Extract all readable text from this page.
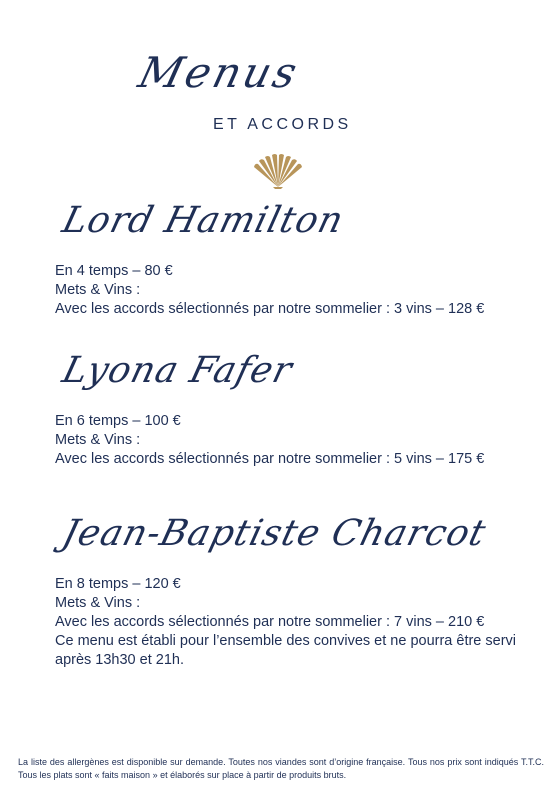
Menus
ET ACCORDS
Lord Hamilton
En 4 temps – 80 €
Mets & Vins :
Avec les accords sélectionnés par notre sommelier : 3 vins – 128 €
Lyona Fafer
En 6 temps – 100 €
Mets & Vins :
Avec les accords sélectionnés par notre sommelier : 5 vins – 175 €
Jean-Baptiste Charcot
En 8 temps – 120 €
Mets & Vins :
Avec les accords sélectionnés par notre sommelier : 7 vins – 210 €
Ce menu est établi pour l’ensemble des convives et ne pourra être servi après 13h30 et 21h.
La liste des allergènes est disponible sur demande. Toutes nos viandes sont d’origine française. Tous nos prix sont indiqués T.T.C. Tous les plats sont « faits maison » et élaborés sur place à partir de produits bruts.
